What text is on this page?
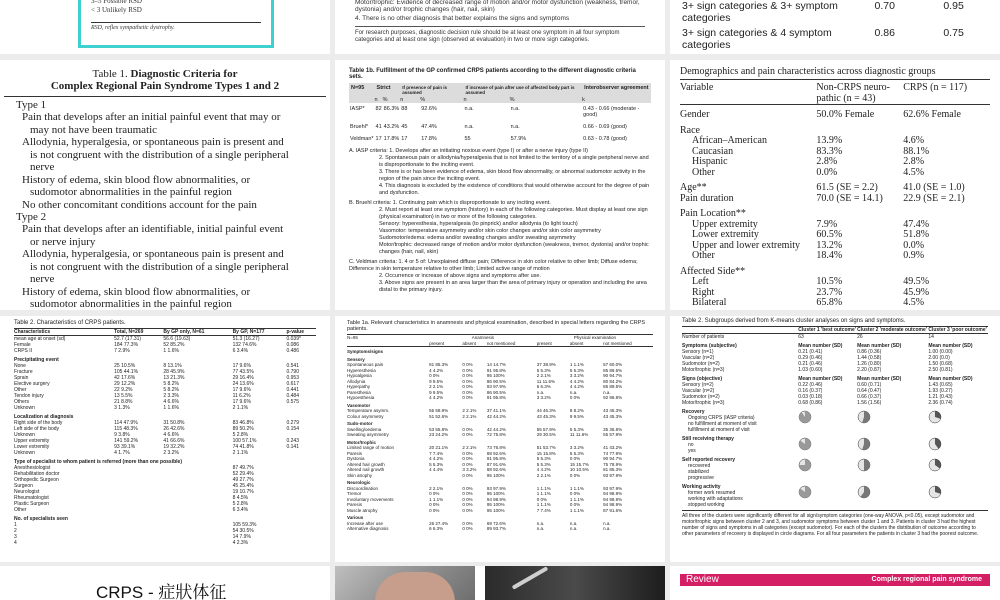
3–5 Possible RSD
< 3 Unlikely RSD
RSD, reflex sympathetic dystrophy.
Motor/trophic: Evidence of decreased range of motion and/or motor dysfunction (weakness, tremor, dystonia) and/or trophic changes (hair, nail, skin)
4. There is no other diagnosis that better explains the signs and symptoms
For research purposes, diagnostic decision rule should be at least one symptom in all four symptom categories and at least one sign (observed at evaluation) in two or more sign categories.
3+ sign categories & 3+ symptom categories	0.70	0.95
3+ sign categories & 4 symptom categories	0.86	0.75
Table 1. Diagnostic Criteria for
Complex Regional Pain Syndrome Types 1 and 2
Type 1
Pain that develops after an initial painful event that may or
may not have been traumatic
Allodynia, hyperalgesia, or spontaneous pain is present and
is not congruent with the distribution of a single peripheral
nerve
History of edema, skin blood flow abnormalities, or
sudomotor abnormalities in the painful region
No other concomitant conditions account for the pain
Type 2
Pain that develops after an identifiable, initial painful event
or nerve injury
Allodynia, hyperalgesia, or spontaneous pain is present and
is not congruent with the distribution of a single peripheral
nerve
History of edema, skin blood flow abnormalities, or
sudomotor abnormalities in the painful region
Table 1b. Fulfillment of the GP confirmed CRPS patients according to the different diagnostic criteria sets.
N=95	Strict		If presence of pain is assumed		If increase of pain after use of affected body part is assumed		Interobserver agreement
	n	%	n	%	n	%	k
IASP*	82	86.3%	88	92.6%	n.a.	n.a.	0.43 - 0.66 (moderate - good)
Bruehl*	41	43.2%	45	47.4%	n.a.	n.a.	0.66 - 0.69 (good)
Veldman*	17	17.8%	17	17.8%	55	57.9%	0.63 - 0.78 (good)
A. IASP criteria: 1. Develops after an initiating noxious event (type I) or after a nerve injury (type II)
2. Spontaneous pain or allodynia/hyperalgesia that is not limited to the territory of a single peripheral nerve and is disproportionate to the inciting event.
3. There is or has been evidence of edema, skin blood flow abnormality, or abnormal sudomotor activity in the region of the pain since the inciting event.
4. This diagnosis is excluded by the existence of conditions that would otherwise account for the degree of pain and dysfunction.
B. Bruehl criteria: 1. Continuing pain which is disproportionate to any inciting event.
2. Must report at least one symptom (history) in each of the following categories. Must display at least one sign (physical examination) in two or more of the following categories.
Sensory: hyperesthesia, hyperalgesia (to pinprick) and/or allodynia (to light touch)
Vasomotor: temperature asymmetry and/or skin color changes and/or skin color asymmetry
Sudomotor/edema: edema and/or sweating changes and/or sweating asymmetry
Motor/trophic: decreased range of motion and/or motor dysfunction (weakness, tremor, dystonia) and/or trophic changes (hair, nail, skin)
C. Veldman criteria: 1. 4 or 5 of: Unexplained diffuse pain; Difference in skin color relative to other limb; Diffuse edema; Difference in skin temperature relative to other limb; Limited active range of motion
2. Occurrence or increase of above signs and symptoms after use.
3. Above signs are present in an area larger than the area of primary injury or operation and including the area distal to the primary injury.
Demographics and pain characteristics across diagnostic groups
Variable	Non-CRPS neuro-pathic (n = 43)	CRPS (n = 117)
Gender	50.0% Female	62.6% Female
Race		
African–American	13.9%	4.6%
Caucasian	83.3%	88.1%
Hispanic	2.8%	2.8%
Other	0.0%	4.5%
Age**	61.5 (SE = 2.2)	41.0 (SE = 1.0)
Pain duration	70.0 (SE = 14.1)	22.9 (SE = 2.1)
Pain Location**		
Upper extremity	7.9%	47.4%
Lower extremity	60.5%	51.8%
Upper and lower extremity	13.2%	0.0%
Other	18.4%	0.9%
Affected Side**		
Left	10.5%	49.5%
Right	23.7%	45.9%
Bilateral	65.8%	4.5%
Table 2. Characteristics of CRPS patients.
Characteristics	Total, N=269	By GP only, N=61	By GP, N=177	p-value
mean age at onset (sd)	52.7 (17.31)	56.6 (19.63)	51.3 (16.27)	0.039*
Female	184 77.3%	52 85.2%	132 74.6%	0.086
CRPS II	7 2.9%	1 1.6%	6 3.4%	0.486
Precipitating event				
None	25 10.5%	8 13.1%	17 9.6%	0.541
Fracture	105 44.1%	28 45.9%	77 43.5%	0.790
Sprain	42 17.6%	13 21.3%	29 16.4%	0.953
Elective surgery	29 12.2%	5 8.2%	24 13.6%	0.617
Other	22 9.2%	5 8.2%	17 9.6%	0.441
Tendon injury	13 5.5%	2 3.3%	11 6.2%	0.484
Others	21 8.8%	4 6.6%	17 9.6%	0.575
Unknown	3 1.3%	1 1.6%	2 1.1%	
Localization at diagnosis				
Right side of the body	114 47.9%	31 50.8%	83 46.8%	0.279
Left side of the body	115 48.3%	26 42.6%	89 50.2%	0.154
Unknown	9 3.8%	4 6.6%	5 2.8%	
Upper extremity	141 59.2%	41 66.6%	100 57.1%	0.243
Lower extremity	93 39.1%	19 32.2%	74 41.8%	0.141
Unknown	4 1.7%	2 3.2%	2 1.1%	
Type of specialist to whom patient is referred (more than one possible)				
Anesthesiologist			87 49.7%	
Rehabilitation doctor			52 29.4%	
Orthopedic Surgeon			49 27.7%	
Surgeon			45 25.4%	
Neurologist			19 10.7%	
Rheumatologist			8 4.5%	
Plastic Surgeon			5 2.8%	
Other			6 3.4%	
No. of specialists seen				
1			105 59.3%	
2			54 30.5%	
3			14 7.9%	
4			4 2.3%	
Table 1a. Relevant characteristics in anamnesis and physical examination, described in special letters regarding the CRPS patients.
N=95	Anamnesis			Physical examination		
	present	absent	not mentioned	present	absent	not mentioned
Symptoms/signs						
Sensory						
Spontaneous pain	81 85.3%	0 0%	14 14.7%	37 38.9%	1 1.1%	57 60.0%
Hyperesthesia	4 4.2%	0 0%	91 95.8%	5 5.3%	5 5.3%	85 89.5%
Hypoalgesia	0 0%	0 0%	95 100%	2 2.1%	3 3.2%	90 94.7%
Allodynia	9 9.5%	0 0%	86 90.5%	11 11.6%	4 4.2%	80 84.2%
Hyperpathy	2 2.1%	0 0%	93 97.9%	6 6.3%	4 4.2%	85 89.5%
Paresthesia	9 9.5%	0 0%	86 90.5%	n.a.	n.a.	n.a.
Hypoesthesia	4 4.2%	0 0%	91 95.8%	3 3.2%	0 0%	92 96.8%
Vasomotor						
Temperature asymm.	56 58.9%	2 2.1%	37 41.1%	44 46.3%	8 8.2%	43 45.3%
Colour asymmetry	51 52.6%	2 2.1%	42 44.2%	43 45.3%	9 9.5%	43 45.3%
Sudo-motor						
Swelling/oedema	53 55.8%	0 0%	42 44.2%	55 57.9%	5 5.3%	35 36.8%
Sweating asymmetry	23 24.2%	0 0%	72 75.8%	29 30.5%	11 11.6%	55 57.9%
Motor/trophic						
Limited range of motion	20 21.1%	2 2.1%	73 76.8%	51 53.7%	3 3.2%	41 43.2%
Paresis	7 7.4%	0 0%	88 92.6%	15 15.8%	5 5.3%	74 77.9%
Dystonia	4 4.2%	0 0%	91 95.8%	5 5.3%	0 0%	90 94.7%
Altered hair growth	5 5.3%	0 0%	87 91.6%	5 5.3%	15 15.7%	75 78.9%
Altered nail growth	4 4.4%	3 3.2%	88 92.6%	4 4.2%	10 10.5%	81 85.3%
Skin atrophy		0 0%	95 100%	2 2.1%	0 0%	93 97.9%
Neurologic						
Discoordination	2 2.1%	0 0%	93 97.9%	1 1.1%	1 1.1%	93 97.9%
Tremor	0 0%	0 0%	95 100%	1 1.1%	0 0%	94 98.9%
Involuntary movements	1 1.1%	0 0%	94 98.9%	0 0%	1 1.1%	94 98.9%
Paresis	0 0%	0 0%	95 100%	1 1.1%	0 0%	94 98.9%
Muscle atrophy	0 0%	0 0%	95 100%	7 7.4%	1 1.1%	87 91.6%
Various						
Increase after use	26 27.4%	0 0%	69 72.6%	n.a.	n.a.	n.a.
Alternative diagnosis	6 6.3%	0 0%	89 93.7%	n.a.	n.a.	n.a.
Table 2. Subgroups derived from K-means cluster analyses on signs and symptoms.
	Cluster 1 'best outcome'	Cluster 2 'moderate outcome'	Cluster 3 'poor outcome'
Number of patients	63	26	14
Symptoms (subjective)	Mean number (SD)	Mean number (SD)	Mean number (SD)
Sensory (n=1)	0.21 (0.41)	0.86 (0.36)	1.00 (0.00)
Vascular (n=2)	0.29 (0.46)	1.44 (0.58)	2.00 (0.0)
Sudomotor (n=2)	0.21 (0.46)	1.26 (0.80)	1.50 (0.68)
Motor/trophic (n=3)	1.03 (0.60)	2.20 (0.87)	2.50 (0.81)
Signs (objective)	Mean number (SD)	Mean number (SD)	Mean number (SD)
Sensory (n=2)	0.22 (0.46)	0.60 (0.71)	1.43 (0.65)
Vascular (n=2)	0.16 (0.37)	0.64 (0.47)	1.93 (0.27)
Sudomotor (n=2)	0.03 (0.18)	0.66 (0.37)	1.21 (0.43)
Motor/trophic (n=3)	0.68 (0.86)	1.56 (1.56)	2.36 (0.74)

Recovery
Ongoing CRPS (IASP criteria)
no fulfillment at moment of visit
fulfillment at moment of visit

Still receiving therapy
no
yes

Self reported recovery
recovered
stabilized
progressive

Working activity
former work resumed
working with adaptations
stopped working

All three of the clusters were significantly different for all sign/symptom categories (one-way ANOVA, p<0.05), except sudomotor and motor/trophic signs between cluster 2 and 3, and sudomotor symptoms between cluster 1 and 3. Patients in cluster 3 had the highest number of signs and symptoms in all categories (except sudomotor). For each of the clusters the distribution of outcome according to other parameters of recovery is displayed in circle diagrams. For all four parameters the patients in cluster 3 had the poorest outcome.
CRPS - 症狀体征
Review	Complex regional pain syndrome
